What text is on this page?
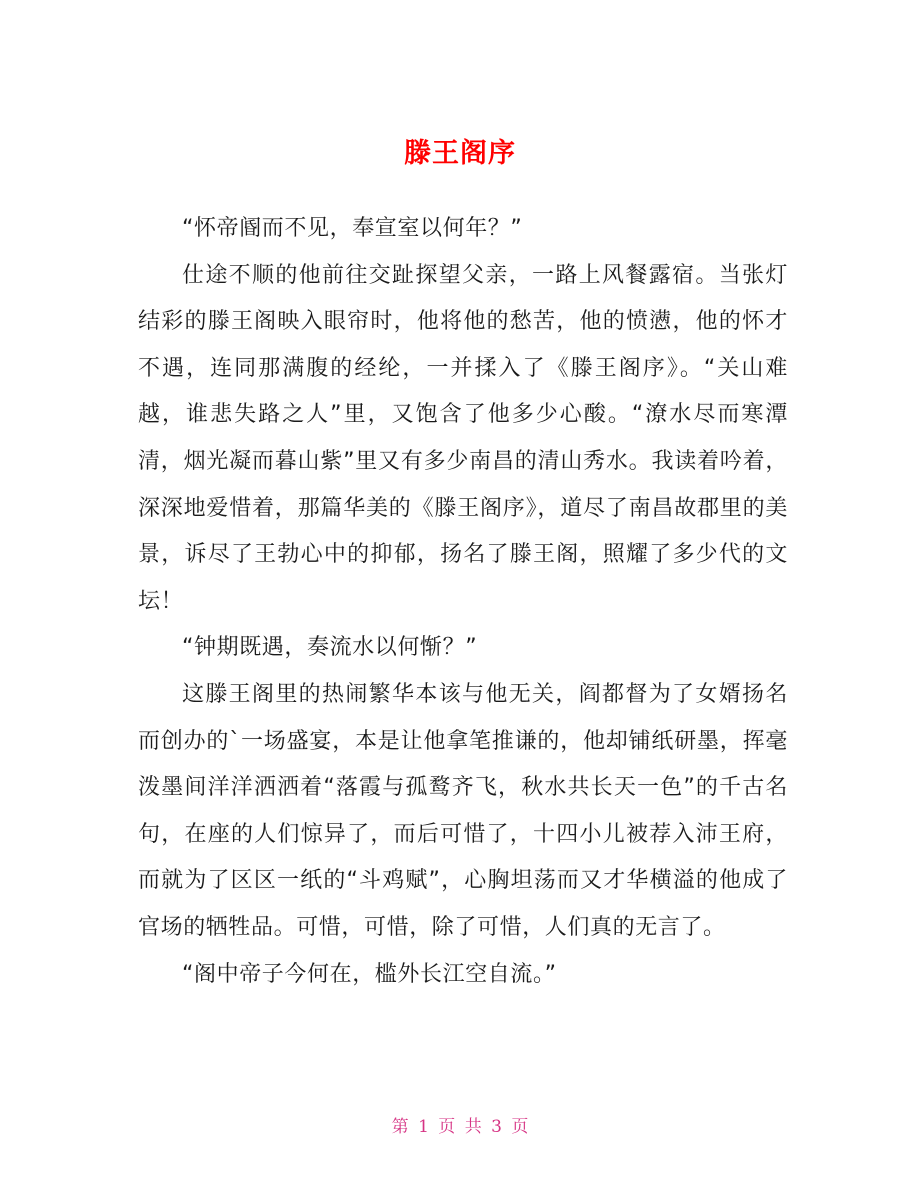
滕王阁序

“怀帝阍而不见，奉宣室以何年？”

仕途不顺的他前往交趾探望父亲，一路上风餐露宿。当张灯结彩的滕王阁映入眼帘时，他将他的愁苦，他的愤懑，他的怀才不遇，连同那满腹的经纶，一并揉入了《滕王阁序》。“关山难越，谁悲失路之人”里，又饱含了他多少心酸。“潦水尽而寒潭清，烟光凝而暮山紫”里又有多少南昌的清山秀水。我读着吟着，深深地爱惜着，那篇华美的《滕王阁序》，道尽了南昌故郡里的美景，诉尽了王勃心中的抑郁，扬名了滕王阁，照耀了多少代的文坛！

“钟期既遇，奏流水以何惭？”

这滕王阁里的热闹繁华本该与他无关，阎都督为了女婿扬名而创办的`一场盛宴，本是让他拿笔推谦的，他却铺纸研墨，挥毫泼墨间洋洋洒洒着“落霞与孤鹜齐飞，秋水共长天一色”的千古名句，在座的人们惊异了，而后可惜了，十四小儿被荐入沛王府，而就为了区区一纸的“斗鸡赋”，心胸坦荡而又才华横溢的他成了官场的牺牲品。可惜，可惜，除了可惜，人们真的无言了。

“阁中帝子今何在，槛外长江空自流。”

第 1 页 共 3 页
